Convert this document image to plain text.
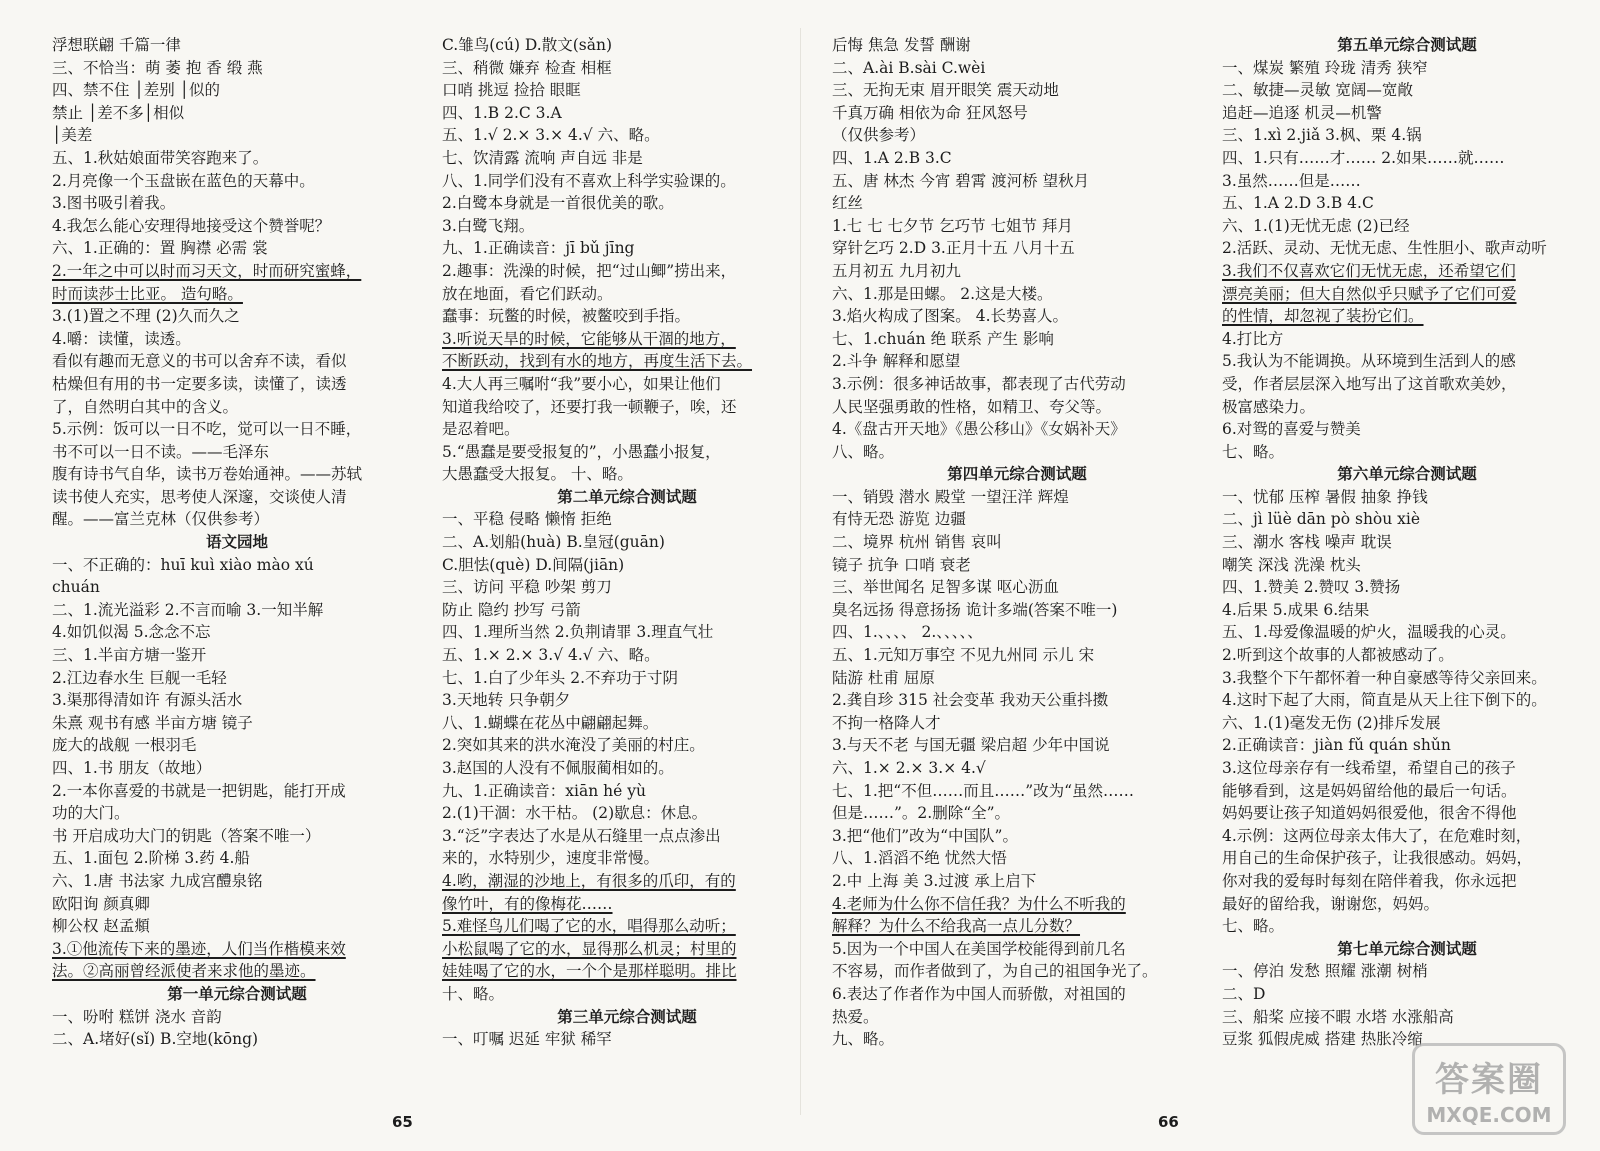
浮想联翩 千篇一律
三、不恰当：萌 萎 抱 香 缎 燕
四、禁不住 │差别 │似的
禁止 │差不多│相似
│美差
五、1.秋姑娘面带笑容跑来了。
2.月亮像一个玉盘嵌在蓝色的天幕中。
3.图书吸引着我。
4.我怎么能心安理得地接受这个赞誉呢？
六、1.正确的：置 胸襟 必需 裳
2.一年之中可以时而习天文，时而研究蜜蜂，
时而读莎士比亚。 造句略。
3.(1)置之不理 (2)久而久之
4.嚼：读懂，读透。
看似有趣而无意义的书可以舍弃不读，看似
枯燥但有用的书一定要多读，读懂了，读透
了，自然明白其中的含义。
5.示例：饭可以一日不吃，觉可以一日不睡，
书不可以一日不读。——毛泽东
腹有诗书气自华，读书万卷始通神。——苏轼
读书使人充实，思考使人深邃，交谈使人清
醒。——富兰克林（仅供参考）
语文园地
一、不正确的：huī kuì xiào mào xú
chuán
二、1.流光溢彩 2.不言而喻 3.一知半解
4.如饥似渴 5.念念不忘
三、1.半亩方塘一鉴开
2.江边春水生 巨舰一毛轻
3.渠那得清如许 有源头活水
朱熹 观书有感 半亩方塘 镜子
庞大的战舰 一根羽毛
四、1.书 朋友（故地）
2.一本你喜爱的书就是一把钥匙，能打开成
功的大门。
书 开启成功大门的钥匙（答案不唯一）
五、1.面包 2.阶梯 3.药 4.船
六、1.唐 书法家 九成宫醴泉铭
欧阳询 颜真卿
柳公权 赵孟頫
3.①他流传下来的墨迹，人们当作楷模来效
法。②高丽曾经派使者来求他的墨迹。
第一单元综合测试题
一、吩咐 糕饼 浇水 音韵
二、A.堵好(sǐ) B.空地(kōng)
C.雏鸟(cú) D.散文(sǎn)
三、稍微 嫌弃 检查 相框
口哨 挑逗 捡拾 眼眶
四、1.B 2.C 3.A
五、1.√ 2.× 3.× 4.√ 六、略。
七、饮清露 流响 声自远 非是
八、1.同学们没有不喜欢上科学实验课的。
2.白鹭本身就是一首很优美的歌。
3.白鹭飞翔。
九、1.正确读音：jī bǔ jīng
2.趣事：洗澡的时候，把“过山鲫”捞出来，
放在地面，看它们跃动。
蠢事：玩鳖的时候，被鳖咬到手指。
3.听说天旱的时候，它能够从干涸的地方，
不断跃动，找到有水的地方，再度生活下去。
4.大人再三嘱咐“我”要小心，如果让他们
知道我给咬了，还要打我一顿鞭子，唉，还
是忍着吧。
5.“愚蠢是要受报复的”，小愚蠢小报复，
大愚蠢受大报复。 十、略。
第二单元综合测试题
一、平稳 侵略 懒惰 拒绝
二、A.划船(huà) B.皇冠(guān)
C.胆怯(què) D.间隔(jiān)
三、访问 平稳 吵架 剪刀
防止 隐约 抄写 弓箭
四、1.理所当然 2.负荆请罪 3.理直气壮
五、1.× 2.× 3.√ 4.√ 六、略。
七、1.白了少年头 2.不弃功于寸阴
3.天地转 只争朝夕
八、1.蝴蝶在花丛中翩翩起舞。
2.突如其来的洪水淹没了美丽的村庄。
3.赵国的人没有不佩服蔺相如的。
九、1.正确读音：xiān hé yù
2.(1)干涸：水干枯。 (2)歇息：休息。
3.“泛”字表达了水是从石缝里一点点渗出
来的，水特别少，速度非常慢。
4.哟，潮湿的沙地上，有很多的爪印，有的
像竹叶，有的像梅花……
5.难怪鸟儿们喝了它的水，唱得那么动听；
小松鼠喝了它的水，显得那么机灵；村里的
娃娃喝了它的水，一个个是那样聪明。排比
十、略。
第三单元综合测试题
一、叮嘱 迟延 牢狱 稀罕
后悔 焦急 发誓 酬谢
二、A.ài B.sài C.wèi
三、无拘无束 眉开眼笑 震天动地
千真万确 相依为命 狂风怒号
（仅供参考）
四、1.A 2.B 3.C
五、唐 林杰 今宵 碧霄 渡河桥 望秋月
红丝
1.七 七 七夕节 乞巧节 七姐节 拜月
穿针乞巧 2.D 3.正月十五 八月十五
五月初五 九月初九
六、1.那是田螺。 2.这是大楼。
3.焰火构成了图案。 4.长势喜人。
七、1.chuán 绝 联系 产生 影响
2.斗争 解释和愿望
3.示例：很多神话故事，都表现了古代劳动
人民坚强勇敢的性格，如精卫、夸父等。
4.《盘古开天地》《愚公移山》《女娲补天》
八、略。
第四单元综合测试题
一、销毁 潜水 殿堂 一望汪洋 辉煌
有恃无恐 游览 边疆
二、境界 杭州 销售 哀叫
镜子 抗争 口哨 衰老
三、举世闻名 足智多谋 呕心沥血
臭名远扬 得意扬扬 诡计多端(答案不唯一)
四、1.、、、、 2.、、、、、
五、1.元知万事空 不见九州同 示儿 宋
陆游 杜甫 屈原
2.龚自珍 315 社会变革 我劝天公重抖擞
不拘一格降人才
3.与天不老 与国无疆 梁启超 少年中国说
六、1.× 2.× 3.× 4.√
七、1.把“不但……而且……”改为“虽然……
但是……”。2.删除“全”。
3.把“他们”改为“中国队”。
八、1.滔滔不绝 忧然大悟
2.中 上海 美 3.过渡 承上启下
4.老师为什么你不信任我？为什么不听我的
解释？为什么不给我高一点儿分数？
5.因为一个中国人在美国学校能得到前几名
不容易，而作者做到了，为自己的祖国争光了。
6.表达了作者作为中国人而骄傲，对祖国的
热爱。
九、略。
第五单元综合测试题
一、煤炭 繁殖 玲珑 清秀 狭窄
二、敏捷—灵敏 宽阔—宽敞
追赶—追逐 机灵—机警
三、1.xì 2.jiǎ 3.枫、栗 4.锅
四、1.只有……才…… 2.如果……就……
3.虽然……但是……
五、1.A 2.D 3.B 4.C
六、1.(1)无忧无虑 (2)已经
2.活跃、灵动、无忧无虑、生性胆小、歌声动听
3.我们不仅喜欢它们无忧无虑，还希望它们
漂亮美丽；但大自然似乎只赋予了它们可爱
的性情，却忽视了装扮它们。
4.打比方
5.我认为不能调换。从环境到生活到人的感
受，作者层层深入地写出了这首歌欢美妙，
极富感染力。
6.对鸳的喜爱与赞美
七、略。
第六单元综合测试题
一、忧郁 压榨 暑假 抽象 挣钱
二、jì lüè dān pò shòu xiè
三、潮水 客栈 噪声 耽误
嘲笑 深浅 洗澡 枕头
四、1.赞美 2.赞叹 3.赞扬
4.后果 5.成果 6.结果
五、1.母爱像温暖的炉火，温暖我的心灵。
2.听到这个故事的人都被感动了。
3.我整个下午都怀着一种自豪感等待父亲回来。
4.这时下起了大雨，简直是从天上往下倒下的。
六、1.(1)毫发无伤 (2)排斥发展
2.正确读音：jiàn fǔ quán shǔn
3.这位母亲存有一线希望，希望自己的孩子
能够看到，这是妈妈留给他的最后一句话。
妈妈要让孩子知道妈妈很爱他，很舍不得他
4.示例：这两位母亲太伟大了，在危难时刻，
用自己的生命保护孩子，让我很感动。妈妈，
你对我的爱每时每刻在陪伴着我，你永远把
最好的留给我，谢谢您，妈妈。
七、略。
第七单元综合测试题
一、停泊 发愁 照耀 涨潮 树梢
二、D
三、船桨 应接不暇 水塔 水涨船高
豆浆 狐假虎威 搭建 热胀冷缩
65	66
答案圈
MXQE.COM
